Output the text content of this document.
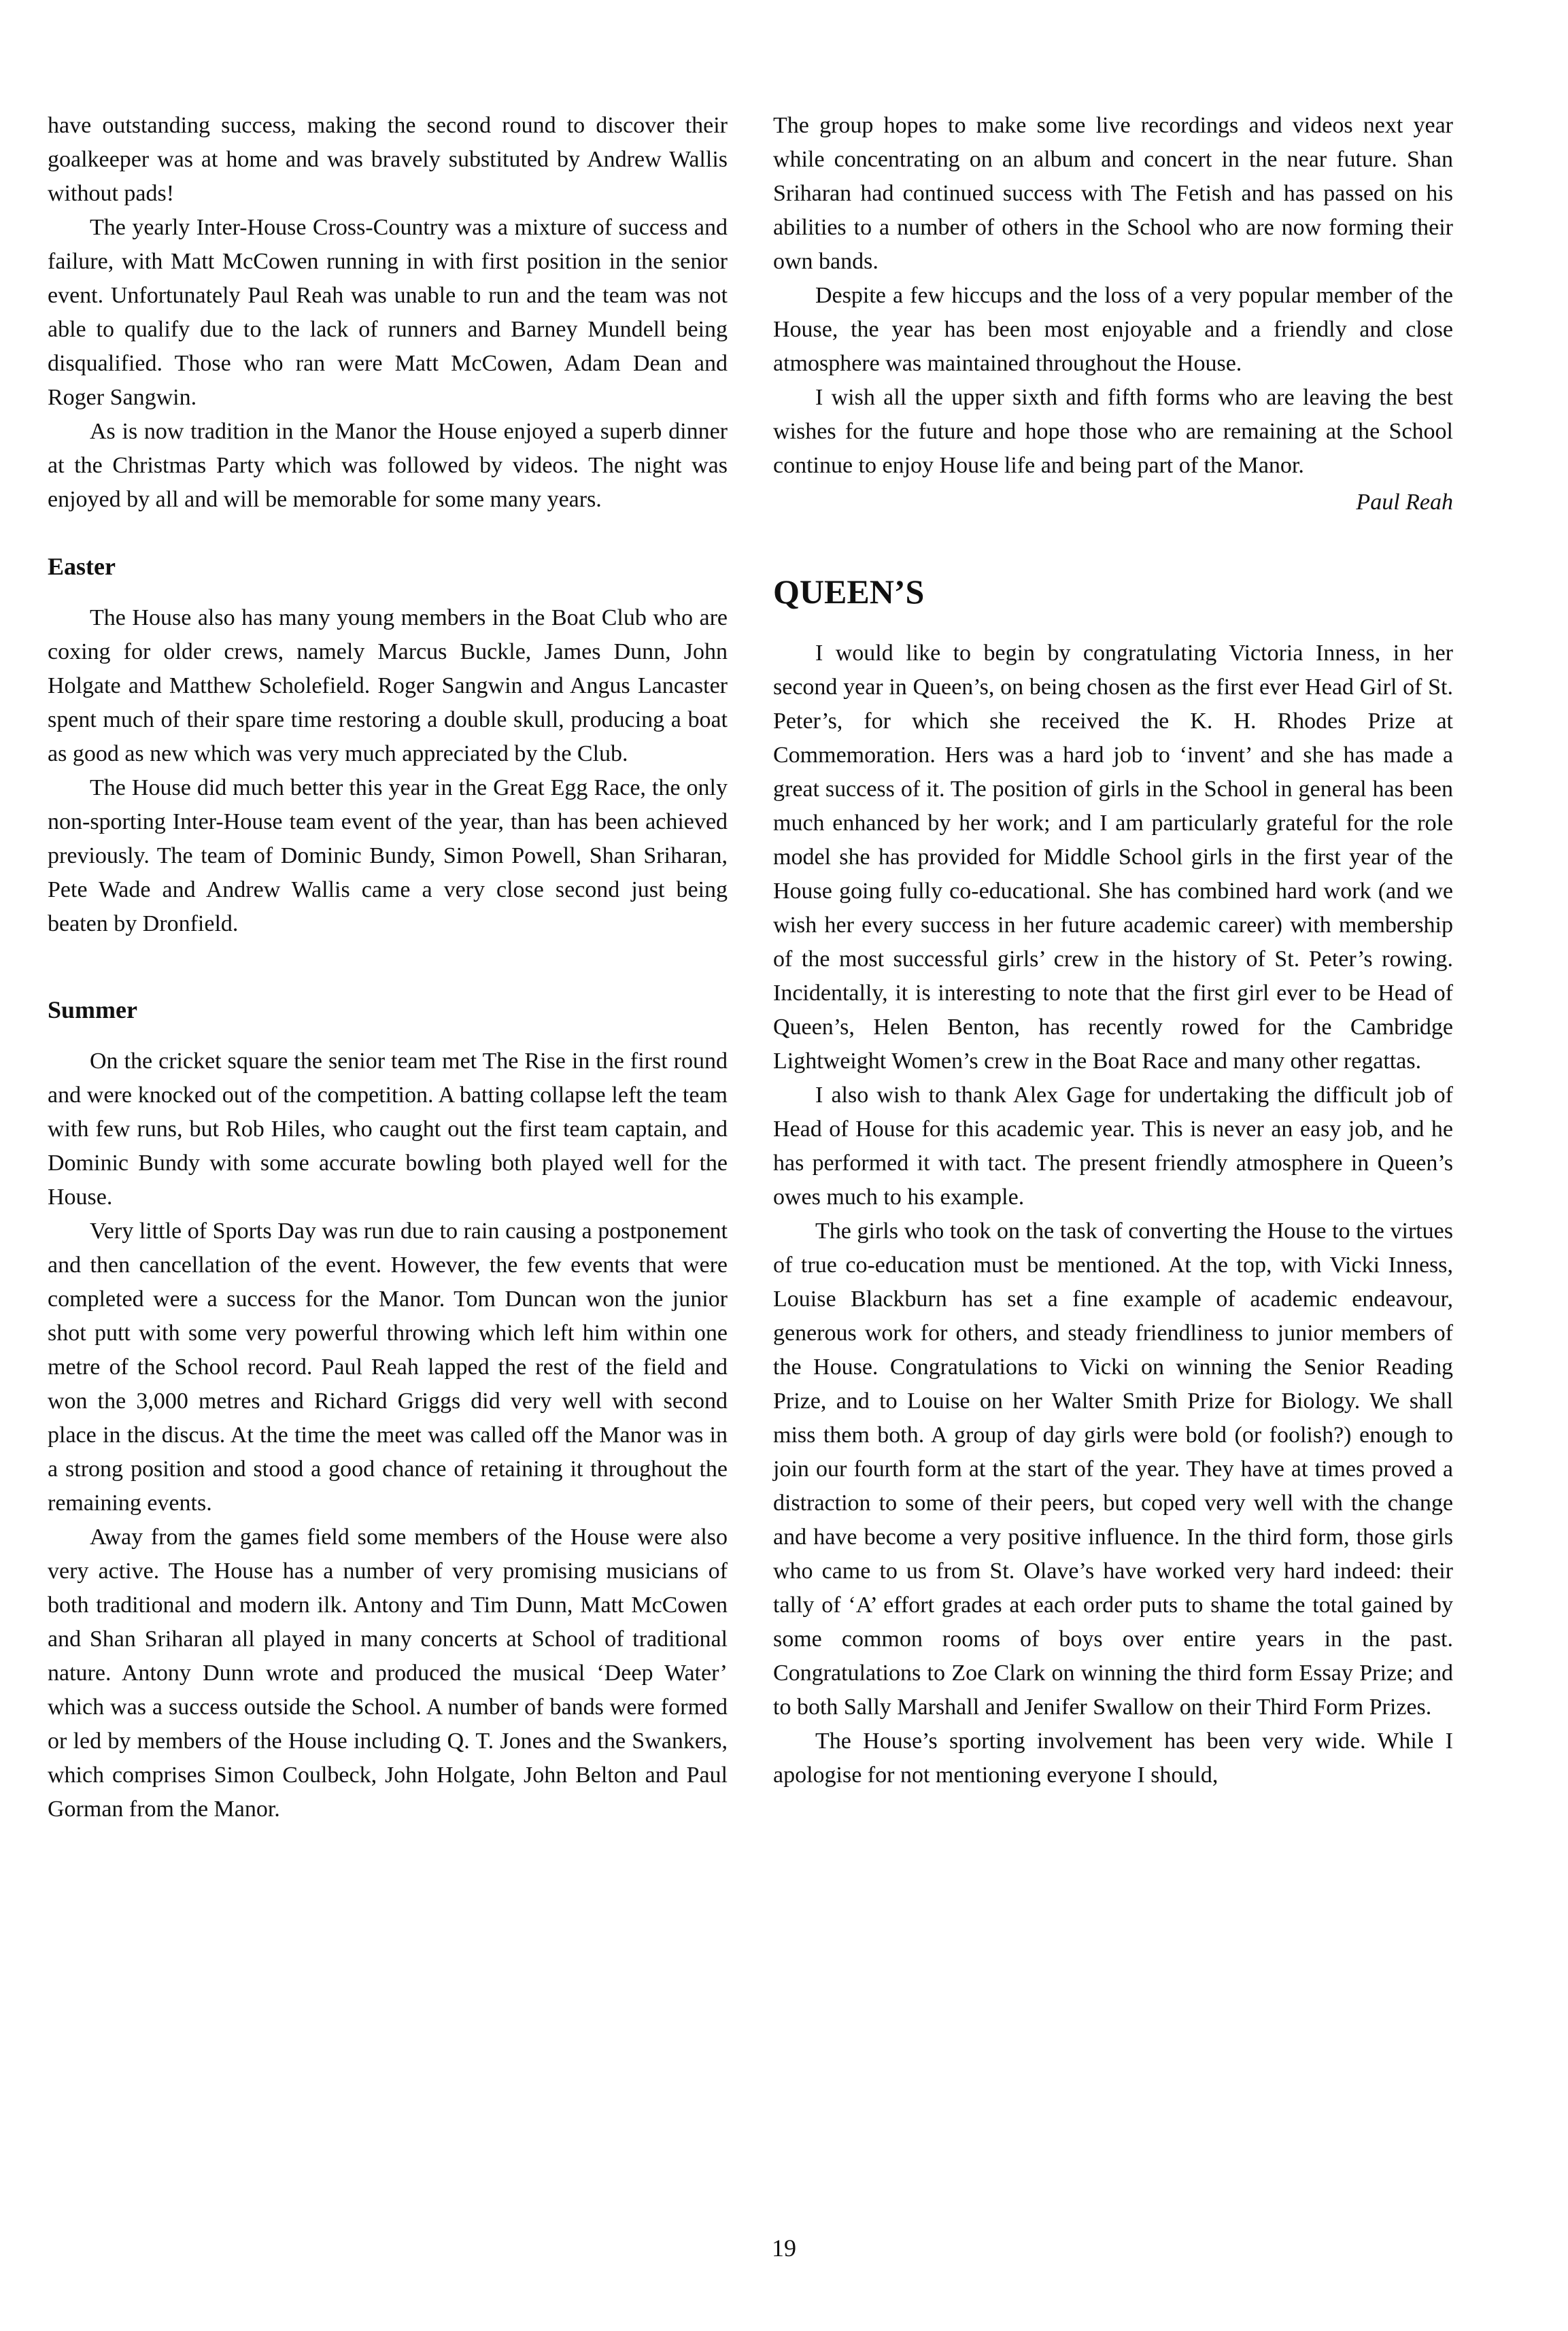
have outstanding success, making the second round to discover their goalkeeper was at home and was bravely substituted by Andrew Wallis without pads!

The yearly Inter-House Cross-Country was a mixture of success and failure, with Matt McCowen running in with first position in the senior event. Unfortunately Paul Reah was unable to run and the team was not able to qualify due to the lack of runners and Barney Mundell being disqualified. Those who ran were Matt McCowen, Adam Dean and Roger Sangwin.

As is now tradition in the Manor the House enjoyed a superb dinner at the Christmas Party which was followed by videos. The night was enjoyed by all and will be memorable for some many years.

Easter

The House also has many young members in the Boat Club who are coxing for older crews, namely Marcus Buckle, James Dunn, John Holgate and Matthew Scholefield. Roger Sangwin and Angus Lancaster spent much of their spare time restoring a double skull, producing a boat as good as new which was very much appreciated by the Club.

The House did much better this year in the Great Egg Race, the only non-sporting Inter-House team event of the year, than has been achieved previously. The team of Dominic Bundy, Simon Powell, Shan Sriharan, Pete Wade and Andrew Wallis came a very close second just being beaten by Dronfield.

Summer

On the cricket square the senior team met The Rise in the first round and were knocked out of the competition. A batting collapse left the team with few runs, but Rob Hiles, who caught out the first team captain, and Dominic Bundy with some accurate bowling both played well for the House.

Very little of Sports Day was run due to rain causing a postponement and then cancellation of the event. However, the few events that were completed were a success for the Manor. Tom Duncan won the junior shot putt with some very powerful throwing which left him within one metre of the School record. Paul Reah lapped the rest of the field and won the 3,000 metres and Richard Griggs did very well with second place in the discus. At the time the meet was called off the Manor was in a strong position and stood a good chance of retaining it throughout the remaining events.

Away from the games field some members of the House were also very active. The House has a number of very promising musicians of both traditional and modern ilk. Antony and Tim Dunn, Matt McCowen and Shan Sriharan all played in many concerts at School of traditional nature. Antony Dunn wrote and produced the musical ‘Deep Water’ which was a success outside the School. A number of bands were formed or led by members of the House including Q. T. Jones and the Swankers, which comprises Simon Coulbeck, John Holgate, John Belton and Paul Gorman from the Manor.

The group hopes to make some live recordings and videos next year while concentrating on an album and concert in the near future. Shan Sriharan had continued success with The Fetish and has passed on his abilities to a number of others in the School who are now forming their own bands.

Despite a few hiccups and the loss of a very popular member of the House, the year has been most enjoyable and a friendly and close atmosphere was maintained throughout the House.

I wish all the upper sixth and fifth forms who are leaving the best wishes for the future and hope those who are remaining at the School continue to enjoy House life and being part of the Manor.

Paul Reah
QUEEN’S

I would like to begin by congratulating Victoria Inness, in her second year in Queen’s, on being chosen as the first ever Head Girl of St. Peter’s, for which she received the K. H. Rhodes Prize at Commemoration. Hers was a hard job to ‘invent’ and she has made a great success of it. The position of girls in the School in general has been much enhanced by her work; and I am particularly grateful for the role model she has provided for Middle School girls in the first year of the House going fully co-educational. She has combined hard work (and we wish her every success in her future academic career) with membership of the most successful girls’ crew in the history of St. Peter’s rowing. Incidentally, it is interesting to note that the first girl ever to be Head of Queen’s, Helen Benton, has recently rowed for the Cambridge Lightweight Women’s crew in the Boat Race and many other regattas.

I also wish to thank Alex Gage for undertaking the difficult job of Head of House for this academic year. This is never an easy job, and he has performed it with tact. The present friendly atmosphere in Queen’s owes much to his example.

The girls who took on the task of converting the House to the virtues of true co-education must be mentioned. At the top, with Vicki Inness, Louise Blackburn has set a fine example of academic endeavour, generous work for others, and steady friendliness to junior members of the House. Congratulations to Vicki on winning the Senior Reading Prize, and to Louise on her Walter Smith Prize for Biology. We shall miss them both. A group of day girls were bold (or foolish?) enough to join our fourth form at the start of the year. They have at times proved a distraction to some of their peers, but coped very well with the change and have become a very positive influence. In the third form, those girls who came to us from St. Olave’s have worked very hard indeed: their tally of ‘A’ effort grades at each order puts to shame the total gained by some common rooms of boys over entire years in the past. Congratulations to Zoe Clark on winning the third form Essay Prize; and to both Sally Marshall and Jenifer Swallow on their Third Form Prizes.

The House’s sporting involvement has been very wide. While I apologise for not mentioning everyone I should,

19
